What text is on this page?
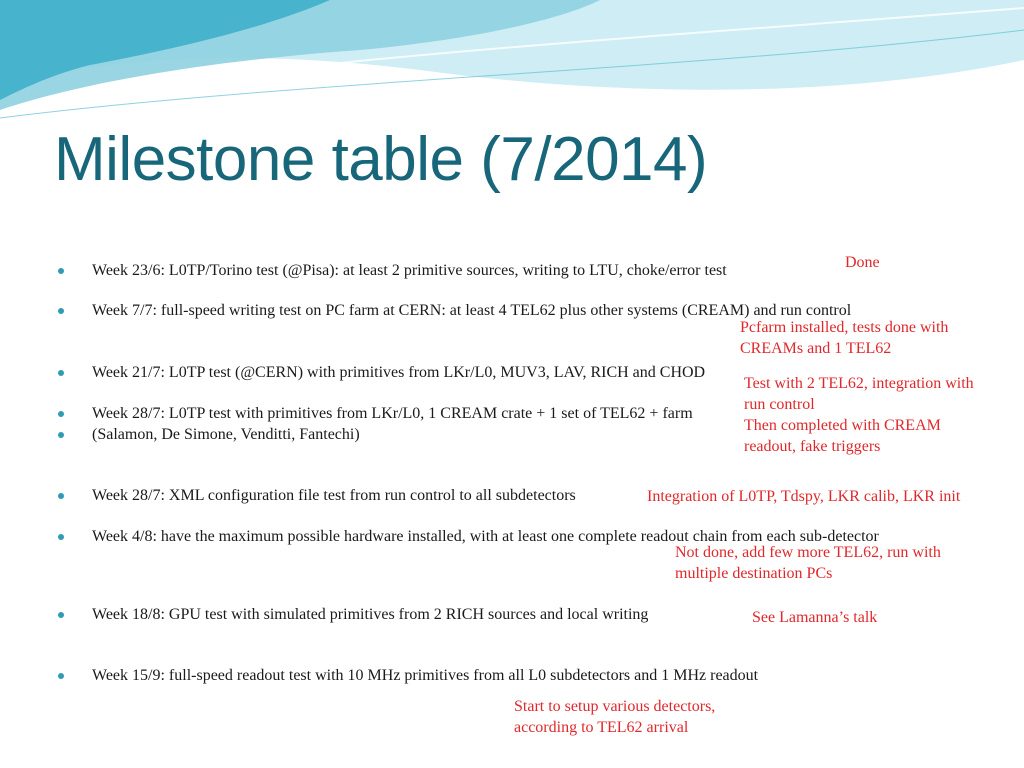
Milestone table (7/2014)
Week 23/6: L0TP/Torino test (@Pisa): at least 2 primitive sources, writing to LTU, choke/error test
Week 7/7: full-speed writing test on PC farm at CERN: at least 4 TEL62 plus other systems (CREAM) and run control
Week 21/7: L0TP test (@CERN) with primitives from LKr/L0, MUV3, LAV, RICH and CHOD
Week 28/7: L0TP test with primitives from LKr/L0, 1 CREAM crate + 1 set of TEL62 + farm
(Salamon, De Simone, Venditti, Fantechi)
Week 28/7: XML configuration file test from run control to all subdetectors
Week 4/8: have the maximum possible hardware installed, with at least one complete readout chain from each sub-detector
Week 18/8: GPU test with simulated primitives from 2 RICH sources and local writing
Week 15/9: full-speed readout test with 10 MHz primitives from all L0 subdetectors and 1 MHz readout
Done
Pcfarm installed, tests done with
CREAMs and 1 TEL62
Test with 2 TEL62, integration with
run control
Then completed with CREAM
readout, fake triggers
Integration of L0TP, Tdspy, LKR calib, LKR init
Not done, add few more TEL62, run with
multiple destination PCs
See Lamanna’s talk
Start to setup various detectors,
according to TEL62 arrival
